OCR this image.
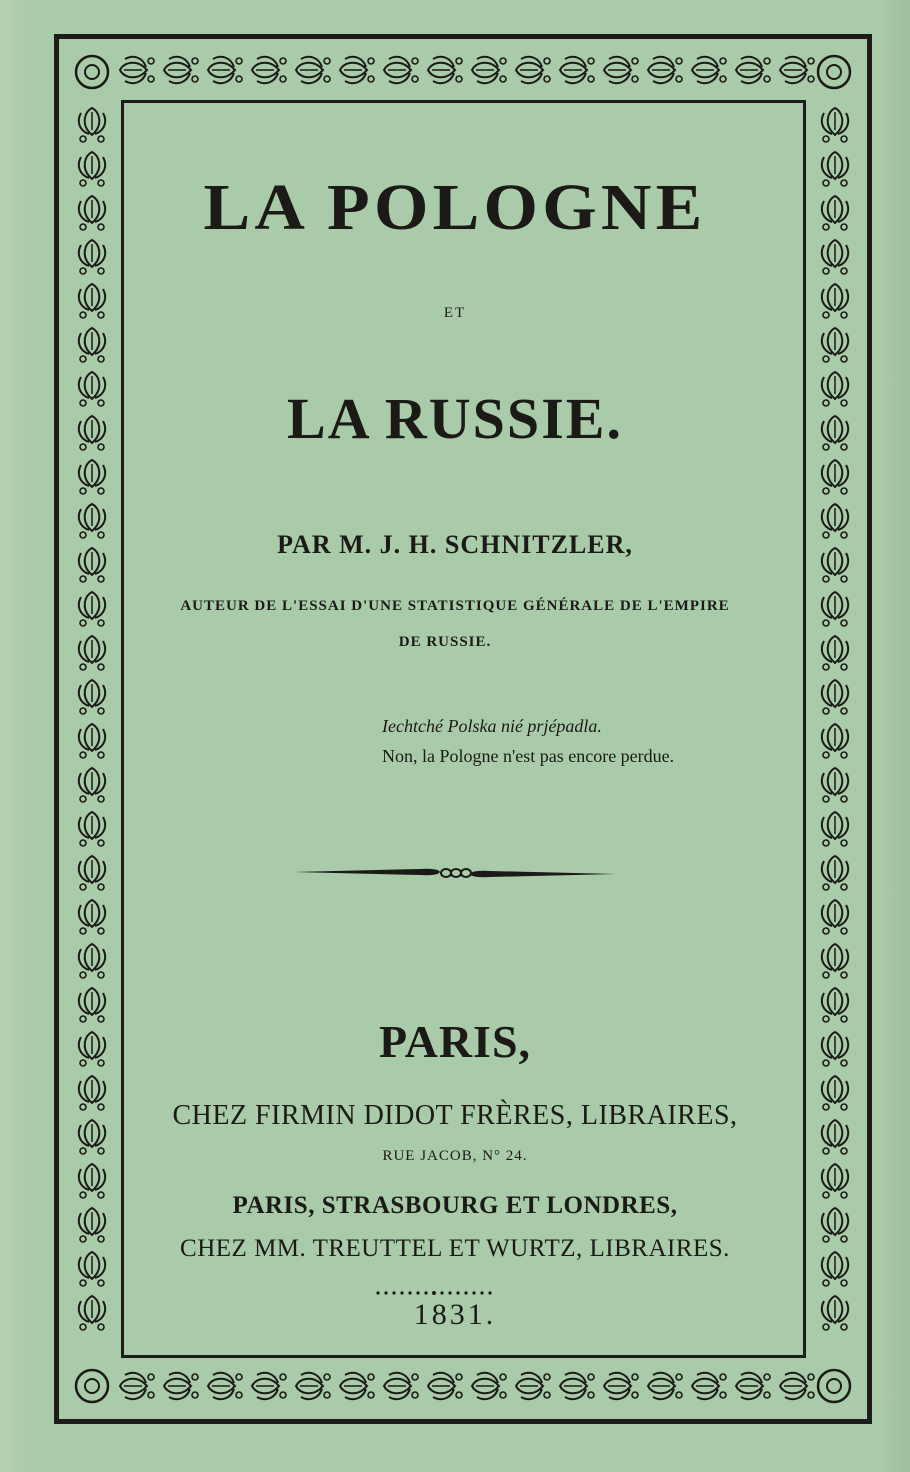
LA POLOGNE
ET
LA RUSSIE.
PAR M. J. H. SCHNITZLER,
AUTEUR DE L'ESSAI D'UNE STATISTIQUE GÉNÉRALE DE L'EMPIRE
DE RUSSIE.
Iechtché Polska nié prjépadla.
Non, la Pologne n'est pas encore perdue.
PARIS,
CHEZ FIRMIN DIDOT FRÈRES, LIBRAIRES,
RUE JACOB, N° 24.
PARIS, STRASBOURG ET LONDRES,
CHEZ MM. TREUTTEL ET WURTZ, LIBRAIRES.
1831.
